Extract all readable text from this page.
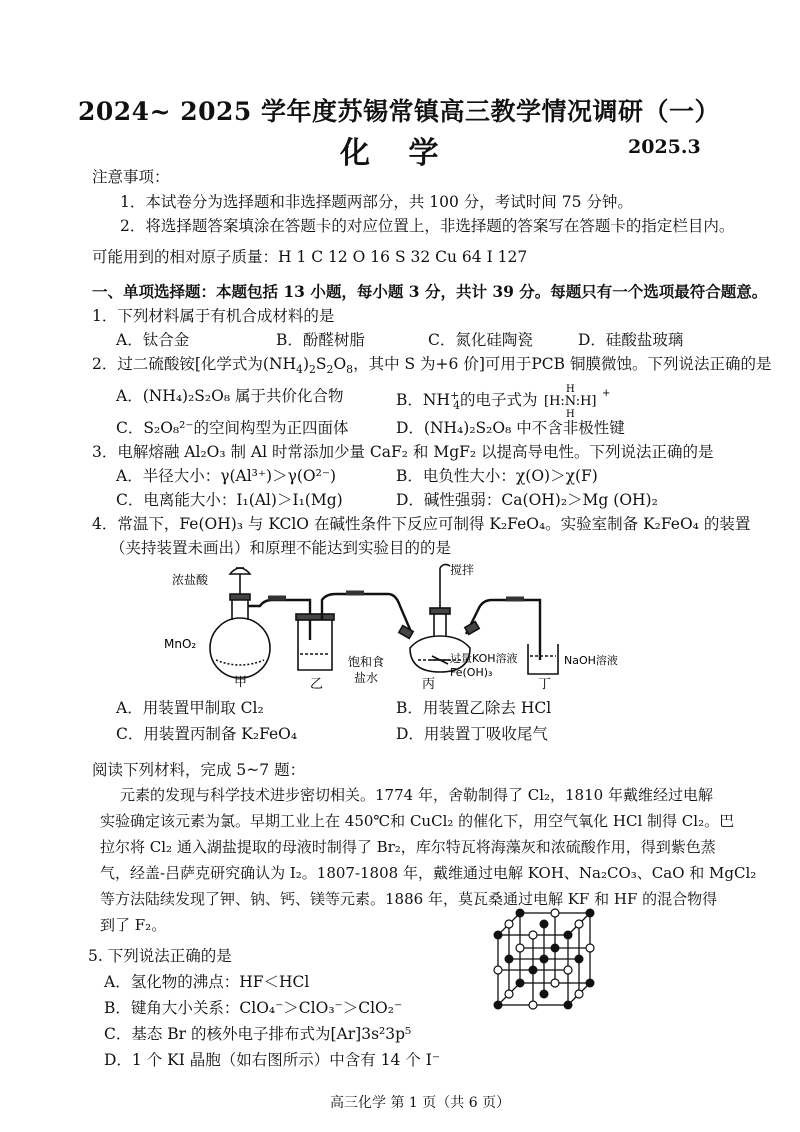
2024~ 2025 学年度苏锡常镇高三教学情况调研（一）
化 学	2025.3
注意事项：
1．本试卷分为选择题和非选择题两部分，共 100 分，考试时间 75 分钟。
2．将选择题答案填涂在答题卡的对应位置上，非选择题的答案写在答题卡的指定栏目内。
可能用到的相对原子质量：H 1 C 12 O 16 S 32 Cu 64 I 127
一、单项选择题：本题包括 13 小题，每小题 3 分，共计 39 分。每题只有一个选项最符合题意。
1．下列材料属于有机合成材料的是
A．钛合金	B．酚醛树脂	C．氮化硅陶瓷	D．硅酸盐玻璃
2．过二硫酸铵[化学式为$(NH_4)_2S_2O_8$，其中 S 为+6 价]可用于PCB 铜膜微蚀。下列说法正确的是
A．(NH₄)₂S₂O₈ 属于共价化合物	B．$NH^+_4$的电子式为 [H:N:H]
H
H
+
C．S₂O₈²⁻的空间构型为正四面体	D．(NH₄)₂S₂O₈ 中不含非极性键
3．电解熔融 Al₂O₃ 制 Al 时常添加少量 CaF₂ 和 MgF₂ 以提高导电性。下列说法正确的是
A．半径大小：γ(Al³⁺)＞γ(O²⁻)	B．电负性大小：χ(O)＞χ(F)
C．电离能大小：I₁(Al)＞I₁(Mg)	D．碱性强弱：Ca(OH)₂＞Mg (OH)₂
4．常温下，Fe(OH)₃ 与 KClO 在碱性条件下反应可制得 K₂FeO₄。实验室制备 K₂FeO₄ 的装置
（夹持装置未画出）和原理不能达到实验目的的是
浓盐酸
MnO₂
甲	乙
饱和食
盐水
搅拌
丙
过量KOH溶液
Fe(OH)₃
NaOH溶液
丁
A．用装置甲制取 Cl₂	B．用装置乙除去 HCl
C．用装置丙制备 K₂FeO₄	D．用装置丁吸收尾气
阅读下列材料，完成 5~7 题：
元素的发现与科学技术进步密切相关。1774 年，舍勒制得了 Cl₂，1810 年戴维经过电解
实验确定该元素为氯。早期工业上在 450℃和 CuCl₂ 的催化下，用空气氧化 HCl 制得 Cl₂。巴
拉尔将 Cl₂ 通入湖盐提取的母液时制得了 Br₂，库尔特瓦将海藻灰和浓硫酸作用，得到紫色蒸
气，经盖-吕萨克研究确认为 I₂。1807-1808 年，戴维通过电解 KOH、Na₂CO₃、CaO 和 MgCl₂
等方法陆续发现了钾、钠、钙、镁等元素。1886 年，莫瓦桑通过电解 KF 和 HF 的混合物得
到了 F₂。
5. 下列说法正确的是
A．氢化物的沸点：HF＜HCl
B．键角大小关系：ClO₄⁻＞ClO₃⁻＞ClO₂⁻
C．基态 Br 的核外电子排布式为[Ar]3s²3p⁵
D．1 个 KI 晶胞（如右图所示）中含有 14 个 I⁻
高三化学 第 1 页（共 6 页）
